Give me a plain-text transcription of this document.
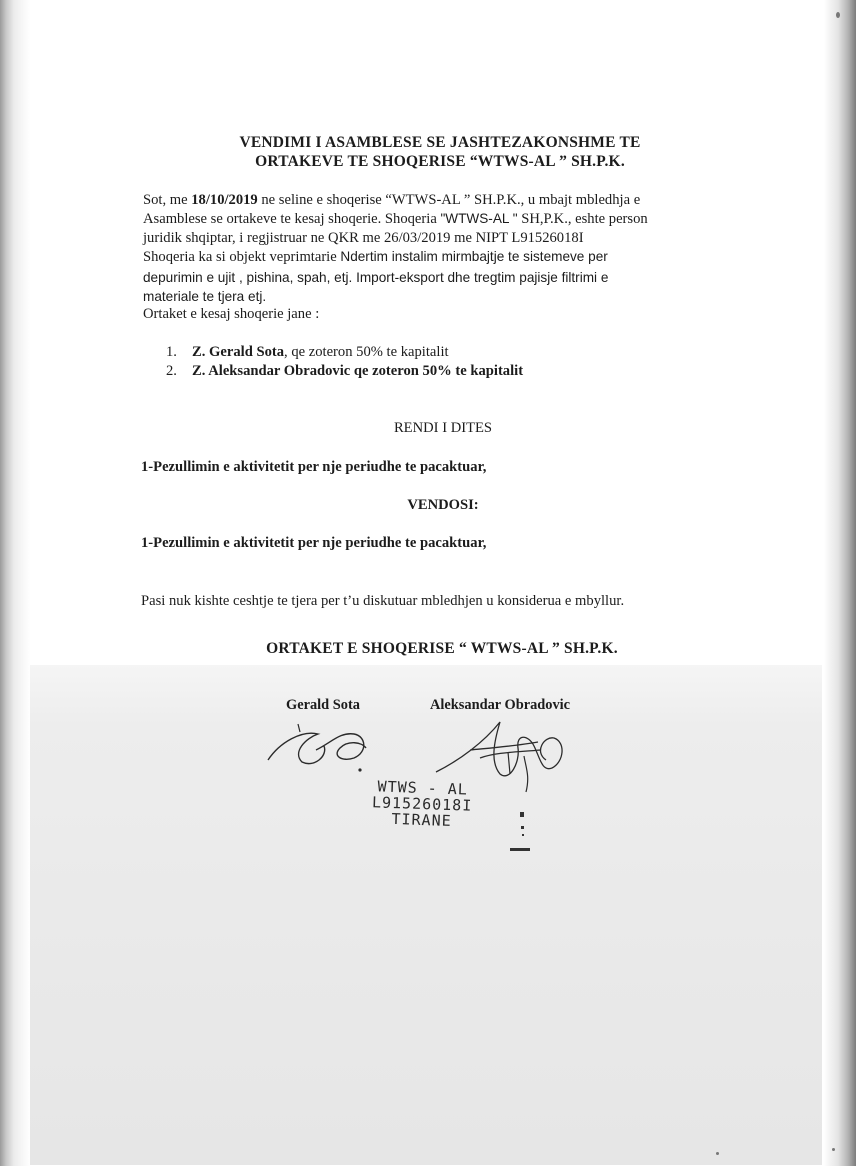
VENDIMI I ASAMBLESE SE JASHTEZAKONSHME TE
ORTAKEVE TE SHOQERISE “WTWS-AL ” SH.P.K.
Sot, me 18/10/2019 ne seline e shoqerise “WTWS-AL ” SH.P.K., u mbajt mbledhja e
Asamblese se ortakeve te kesaj shoqerie. Shoqeria "WTWS-AL " SH,P.K., eshte person
juridik shqiptar, i regjistruar ne QKR me 26/03/2019 me NIPT L91526018I
Shoqeria ka si objekt veprimtarie Ndertim instalim mirmbajtje te sistemeve per
depurimin e ujit , pishina, spah, etj. Import-eksport dhe tregtim pajisje filtrimi e
materiale te tjera etj.
Ortaket e kesaj shoqerie jane :
1. Z. Gerald Sota, qe zoteron 50% te kapitalit
2. Z. Aleksandar Obradovic qe zoteron 50% te kapitalit
RENDI I DITES
1-Pezullimin e aktivitetit per nje periudhe te pacaktuar,
VENDOSI:
1-Pezullimin e aktivitetit per nje periudhe te pacaktuar,
Pasi nuk kishte ceshtje te tjera per t’u diskutuar mbledhjen u konsiderua e mbyllur.
ORTAKET E SHOQERISE “ WTWS-AL ” SH.P.K.
Gerald Sota	Aleksandar Obradovic
WTWS - AL
L91526018I
TIRANE
